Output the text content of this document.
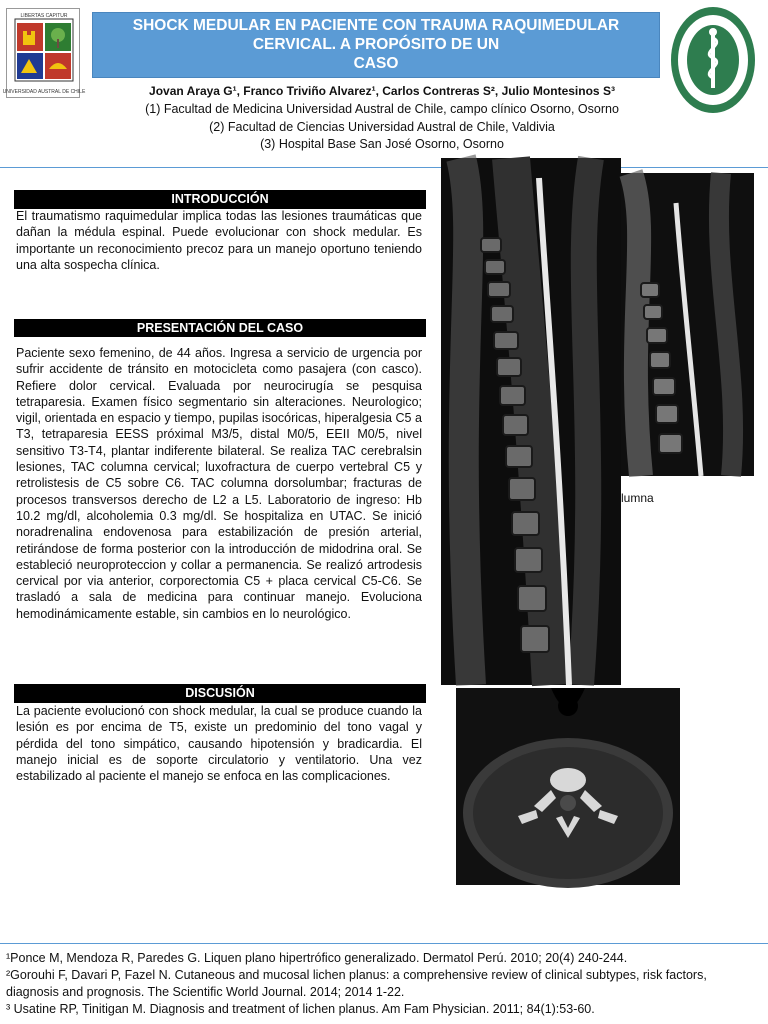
LIBERTAS CAPITUR
UNIVERSIDAD AUSTRAL DE CHILE
SHOCK MEDULAR EN PACIENTE CON TRAUMA RAQUIMEDULAR
CERVICAL. A PROPÓSITO DE UN
CASO
Jovan Araya G¹, Franco Triviño Alvarez¹, Carlos Contreras S², Julio Montesinos S³
(1) Facultad de Medicina Universidad Austral de Chile, campo clínico Osorno, Osorno
(2) Facultad de Ciencias Universidad Austral de Chile, Valdivia
(3) Hospital Base San José Osorno, Osorno
INTRODUCCIÓN
El traumatismo raquimedular implica todas las lesiones traumáticas que dañan la médula espinal. Puede evolucionar con shock medular. Es importante un reconocimiento precoz para un manejo oportuno teniendo una alta sospecha clínica.
PRESENTACIÓN DEL CASO
Paciente sexo femenino, de 44 años. Ingresa a servicio de urgencia por sufrir accidente de tránsito en motocicleta como pasajera (con casco). Refiere dolor cervical. Evaluada por neurocirugía se pesquisa tetraparesia. Examen físico segmentario sin alteraciones. Neurologico; vigil, orientada en espacio y tiempo, pupilas isocóricas, hiperalgesia C5 a T3, tetraparesia EESS próximal M3/5, distal M0/5, EEII M0/5, nivel sensitivo T3-T4, plantar indiferente bilateral. Se realiza TAC cerebralsin lesiones, TAC columna cervical; luxofractura de cuerpo vertebral C5 y retrolistesis de C5 sobre C6. TAC columna dorsolumbar; fracturas de procesos transversos derecho de L2 a L5. Laboratorio de ingreso: Hb 10.2 mg/dl, alcoholemia 0.3 mg/dl. Se hospitaliza en UTAC. Se inició noradrenalina endovenosa para estabilización de presión arterial, retirándose de forma posterior con la introducción de midodrina oral. Se estableció neuroproteccion y collar a permanencia. Se realizó artrodesis cervical por via anterior, corporectomia C5 + placa cervical C5-C6. Se trasladó a sala de medicina para continuar manejo. Evoluciona hemodinámicamente estable, sin cambios en lo neurológico.
DISCUSIÓN
La paciente evolucionó con shock medular, la cual se produce cuando la lesión es por encima de T5, existe un predominio del tono vagal y pérdida del tono simpático, causando hipotensión y bradicardia. El manejo inicial es de soporte circulatorio y ventilatorio. Una vez estabilizado al paciente el manejo se enfoca en las complicaciones.
lumna

¹Ponce M, Mendoza R, Paredes G. Liquen plano hipertrófico generalizado. Dermatol Perú. 2010; 20(4) 240-244.

²Gorouhi F, Davari P, Fazel N. Cutaneous and mucosal lichen planus: a comprehensive review of clinical subtypes, risk factors, diagnosis and prognosis. The Scientific World Journal. 2014; 2014 1-22.

³ Usatine RP, Tinitigan M. Diagnosis and treatment of lichen planus. Am Fam Physician. 2011; 84(1):53-60.
